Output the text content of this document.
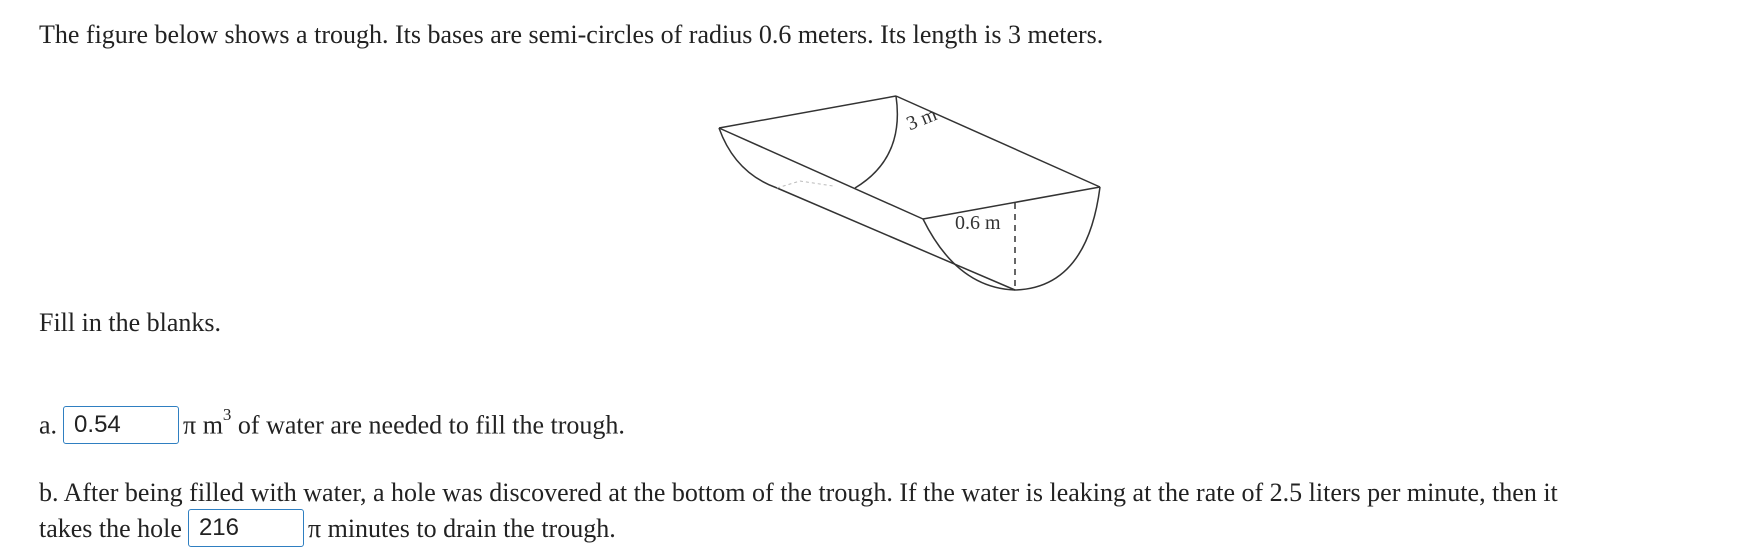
The figure below shows a trough. Its bases are semi-circles of radius 0.6 meters. Its length is 3 meters.
3 m
0.6 m
Fill in the blanks.
a. 0.54 π $m^3$ of water are needed to fill the trough.
b. After being filled with water, a hole was discovered at the bottom of the trough. If the water is leaking at the rate of 2.5 liters per minute, then it
takes the hole 216	π minutes to drain the trough.
